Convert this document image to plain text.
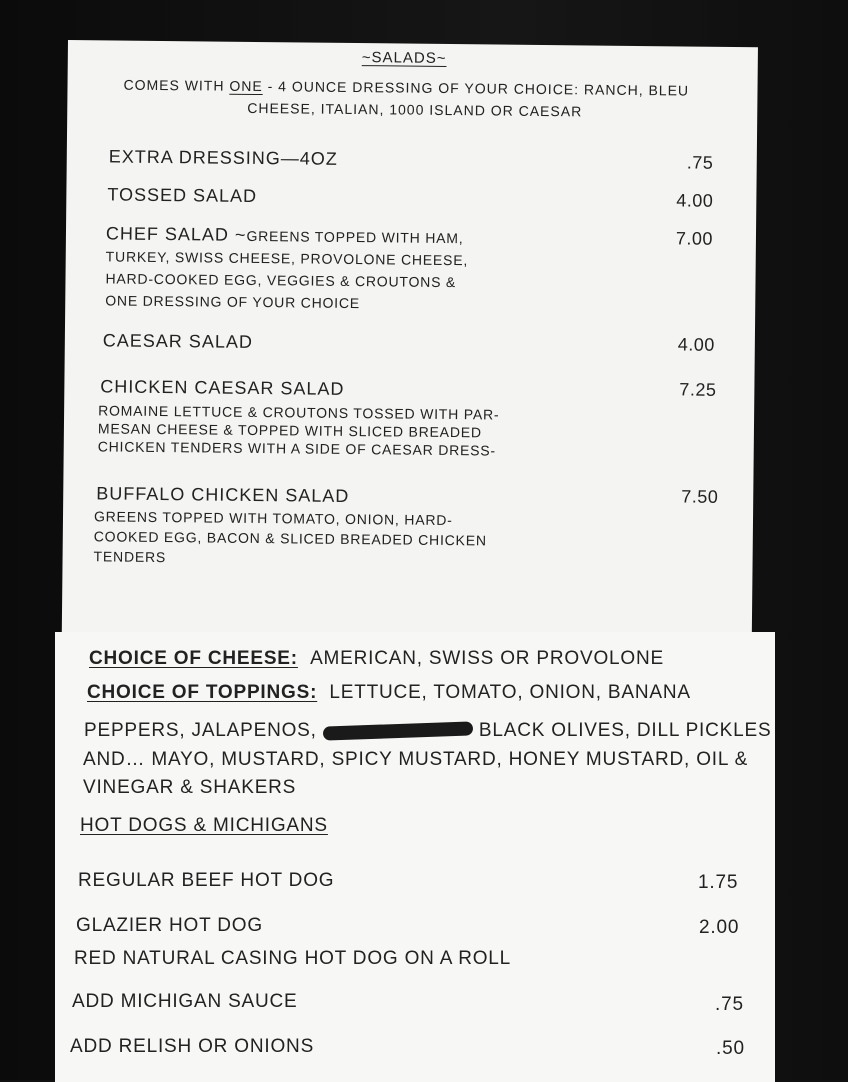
~SALADS~
COMES WITH ONE - 4 OUNCE DRESSING OF YOUR CHOICE: RANCH, BLEU
CHEESE, ITALIAN, 1000 ISLAND OR CAESAR
EXTRA DRESSING—4OZ	.75
TOSSED SALAD	4.00
CHEF SALAD ~GREENS TOPPED WITH HAM,	7.00
TURKEY, SWISS CHEESE, PROVOLONE CHEESE,
HARD-COOKED EGG, VEGGIES & CROUTONS &
ONE DRESSING OF YOUR CHOICE
CAESAR SALAD	4.00
CHICKEN CAESAR SALAD	7.25
ROMAINE LETTUCE & CROUTONS TOSSED WITH PAR-
MESAN CHEESE & TOPPED WITH SLICED BREADED
CHICKEN TENDERS WITH A SIDE OF CAESAR DRESS-
BUFFALO CHICKEN SALAD	7.50
GREENS TOPPED WITH TOMATO, ONION, HARD-
COOKED EGG, BACON & SLICED BREADED CHICKEN
TENDERS
CHOICE OF CHEESE: AMERICAN, SWISS OR PROVOLONE
CHOICE OF TOPPINGS: LETTUCE, TOMATO, ONION, BANANA
PEPPERS, JALAPENOS,	BLACK OLIVES, DILL PICKLES
AND… MAYO, MUSTARD, SPICY MUSTARD, HONEY MUSTARD, OIL &
VINEGAR & SHAKERS
HOT DOGS & MICHIGANS
REGULAR BEEF HOT DOG	1.75
GLAZIER HOT DOG	2.00
RED NATURAL CASING HOT DOG ON A ROLL
ADD MICHIGAN SAUCE	.75
ADD RELISH OR ONIONS	.50
